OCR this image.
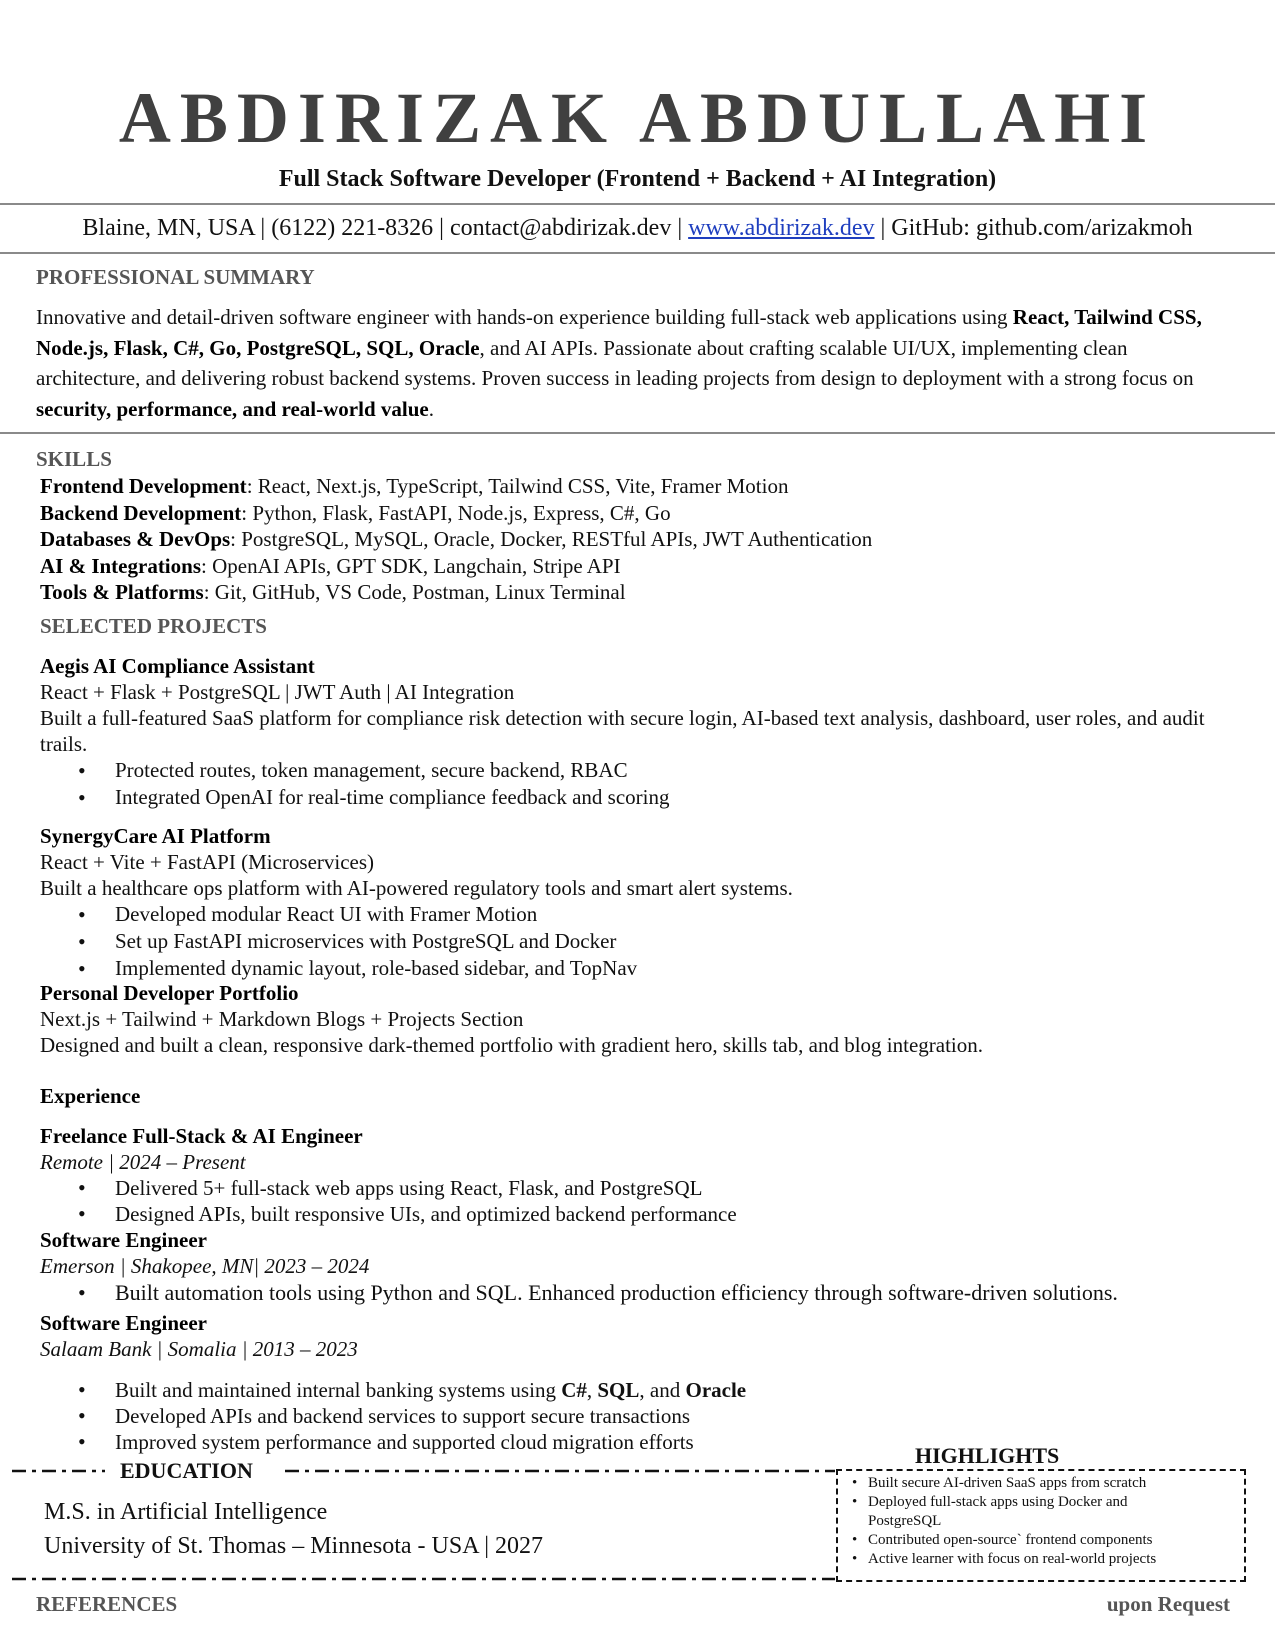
ABDIRIZAK ABDULLAHI
Full Stack Software Developer (Frontend + Backend + AI Integration)
Blaine, MN, USA | (6122) 221-8326 | contact@abdirizak.dev | www.abdirizak.dev | GitHub: github.com/arizakmoh
PROFESSIONAL SUMMARY
Innovative and detail-driven software engineer with hands-on experience building full-stack web applications using React, Tailwind CSS, Node.js, Flask, C#, Go, PostgreSQL, SQL, Oracle, and AI APIs. Passionate about crafting scalable UI/UX, implementing clean architecture, and delivering robust backend systems. Proven success in leading projects from design to deployment with a strong focus on security, performance, and real-world value.
SKILLS
Frontend Development: React, Next.js, TypeScript, Tailwind CSS, Vite, Framer Motion
Backend Development: Python, Flask, FastAPI, Node.js, Express, C#, Go
Databases & DevOps: PostgreSQL, MySQL, Oracle, Docker, RESTful APIs, JWT Authentication
AI & Integrations: OpenAI APIs, GPT SDK, Langchain, Stripe API
Tools & Platforms: Git, GitHub, VS Code, Postman, Linux Terminal
SELECTED PROJECTS
Aegis AI Compliance Assistant
React + Flask + PostgreSQL | JWT Auth | AI Integration
Built a full-featured SaaS platform for compliance risk detection with secure login, AI-based text analysis, dashboard, user roles, and audit trails.
• Protected routes, token management, secure backend, RBAC
• Integrated OpenAI for real-time compliance feedback and scoring
SynergyCare AI Platform
React + Vite + FastAPI (Microservices)
Built a healthcare ops platform with AI-powered regulatory tools and smart alert systems.
• Developed modular React UI with Framer Motion
• Set up FastAPI microservices with PostgreSQL and Docker
• Implemented dynamic layout, role-based sidebar, and TopNav
Personal Developer Portfolio
Next.js + Tailwind + Markdown Blogs + Projects Section
Designed and built a clean, responsive dark-themed portfolio with gradient hero, skills tab, and blog integration.
Experience
Freelance Full-Stack & AI Engineer
Remote | 2024 – Present
• Delivered 5+ full-stack web apps using React, Flask, and PostgreSQL
• Designed APIs, built responsive UIs, and optimized backend performance
Software Engineer
Emerson | Shakopee, MN| 2023 – 2024
• Built automation tools using Python and SQL. Enhanced production efficiency through software-driven solutions.
Software Engineer
Salaam Bank | Somalia | 2013 – 2023
• Built and maintained internal banking systems using C#, SQL, and Oracle
• Developed APIs and backend services to support secure transactions
• Improved system performance and supported cloud migration efforts
EDUCATION
M.S. in Artificial Intelligence
University of St. Thomas – Minnesota - USA | 2027
HIGHLIGHTS
• Built secure AI-driven SaaS apps from scratch
• Deployed full-stack apps using Docker and PostgreSQL
• Contributed open-source` frontend components
• Active learner with focus on real-world projects
REFERENCES	upon Request
